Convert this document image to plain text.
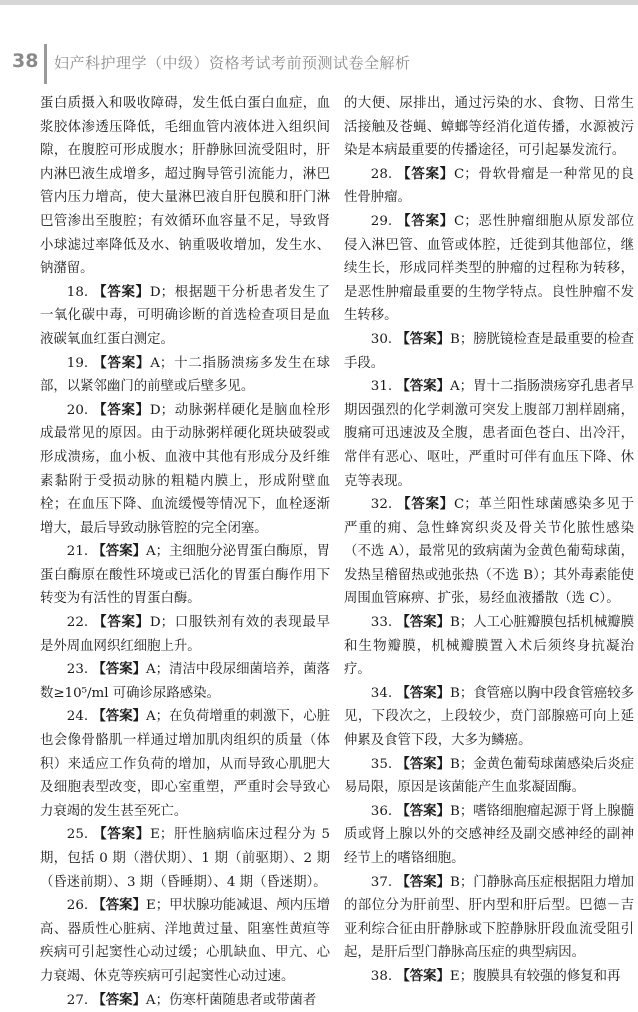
38 妇产科护理学（中级）资格考试考前预测试卷全解析

蛋白质摄入和吸收障碍，发生低白蛋白血症，血浆胶体渗透压降低，毛细血管内液体进入组织间隙，在腹腔可形成腹水；肝静脉回流受阻时，肝内淋巴液生成增多，超过胸导管引流能力，淋巴管内压力增高，使大量淋巴液自肝包膜和肝门淋巴管渗出至腹腔；有效循环血容量不足，导致肾小球滤过率降低及水、钠重吸收增加，发生水、钠潴留。

18. 【答案】D；根据题干分析患者发生了一氧化碳中毒，可明确诊断的首选检查项目是血液碳氧血红蛋白测定。

19. 【答案】A；十二指肠溃疡多发生在球部，以紧邻幽门的前壁或后壁多见。

20. 【答案】D；动脉粥样硬化是脑血栓形成最常见的原因。由于动脉粥样硬化斑块破裂或形成溃疡，血小板、血液中其他有形成分及纤维素黏附于受损动脉的粗糙内膜上，形成附壁血栓；在血压下降、血流缓慢等情况下，血栓逐渐增大，最后导致动脉管腔的完全闭塞。

21. 【答案】A；主细胞分泌胃蛋白酶原，胃蛋白酶原在酸性环境或已活化的胃蛋白酶作用下转变为有活性的胃蛋白酶。

22. 【答案】D；口服铁剂有效的表现最早是外周血网织红细胞上升。

23. 【答案】A；清洁中段尿细菌培养，菌落数≥10⁵/ml 可确诊尿路感染。

24. 【答案】A；在负荷增重的刺激下，心脏也会像骨骼肌一样通过增加肌肉组织的质量（体积）来适应工作负荷的增加，从而导致心肌肥大及细胞表型改变，即心室重塑，严重时会导致心力衰竭的发生甚至死亡。

25. 【答案】E；肝性脑病临床过程分为 5 期，包括 0 期（潜伏期）、1 期（前驱期）、2 期（昏迷前期）、3 期（昏睡期）、4 期（昏迷期）。

26. 【答案】E；甲状腺功能减退、颅内压增高、器质性心脏病、洋地黄过量、阻塞性黄疸等疾病可引起窦性心动过缓；心肌缺血、甲亢、心力衰竭、休克等疾病可引起窦性心动过速。

27. 【答案】A；伤寒杆菌随患者或带菌者

的大便、尿排出，通过污染的水、食物、日常生活接触及苍蝇、蟑螂等经消化道传播，水源被污染是本病最重要的传播途径，可引起暴发流行。

28. 【答案】C；骨软骨瘤是一种常见的良性骨肿瘤。

29. 【答案】C；恶性肿瘤细胞从原发部位侵入淋巴管、血管或体腔，迁徙到其他部位，继续生长，形成同样类型的肿瘤的过程称为转移，是恶性肿瘤最重要的生物学特点。良性肿瘤不发生转移。

30. 【答案】B；膀胱镜检查是最重要的检查手段。

31. 【答案】A；胃十二指肠溃疡穿孔患者早期因强烈的化学刺激可突发上腹部刀割样剧痛，腹痛可迅速波及全腹，患者面色苍白、出冷汗，常伴有恶心、呕吐，严重时可伴有血压下降、休克等表现。

32. 【答案】C；革兰阳性球菌感染多见于严重的痈、急性蜂窝织炎及骨关节化脓性感染（不选 A），最常见的致病菌为金黄色葡萄球菌，发热呈稽留热或弛张热（不选 B）；其外毒素能使周围血管麻痹、扩张，易经血液播散（选 C）。

33. 【答案】B；人工心脏瓣膜包括机械瓣膜和生物瓣膜，机械瓣膜置入术后须终身抗凝治疗。

34. 【答案】B；食管癌以胸中段食管癌较多见，下段次之，上段较少，贲门部腺癌可向上延伸累及食管下段，大多为鳞癌。

35. 【答案】B；金黄色葡萄球菌感染后炎症易局限，原因是该菌能产生血浆凝固酶。

36. 【答案】B；嗜铬细胞瘤起源于肾上腺髓质或肾上腺以外的交感神经及副交感神经的副神经节上的嗜铬细胞。

37. 【答案】B；门静脉高压症根据阻力增加的部位分为肝前型、肝内型和肝后型。巴德－吉亚利综合征由肝静脉或下腔静脉肝段血流受阻引起，是肝后型门静脉高压症的典型病因。

38. 【答案】E；腹膜具有较强的修复和再
